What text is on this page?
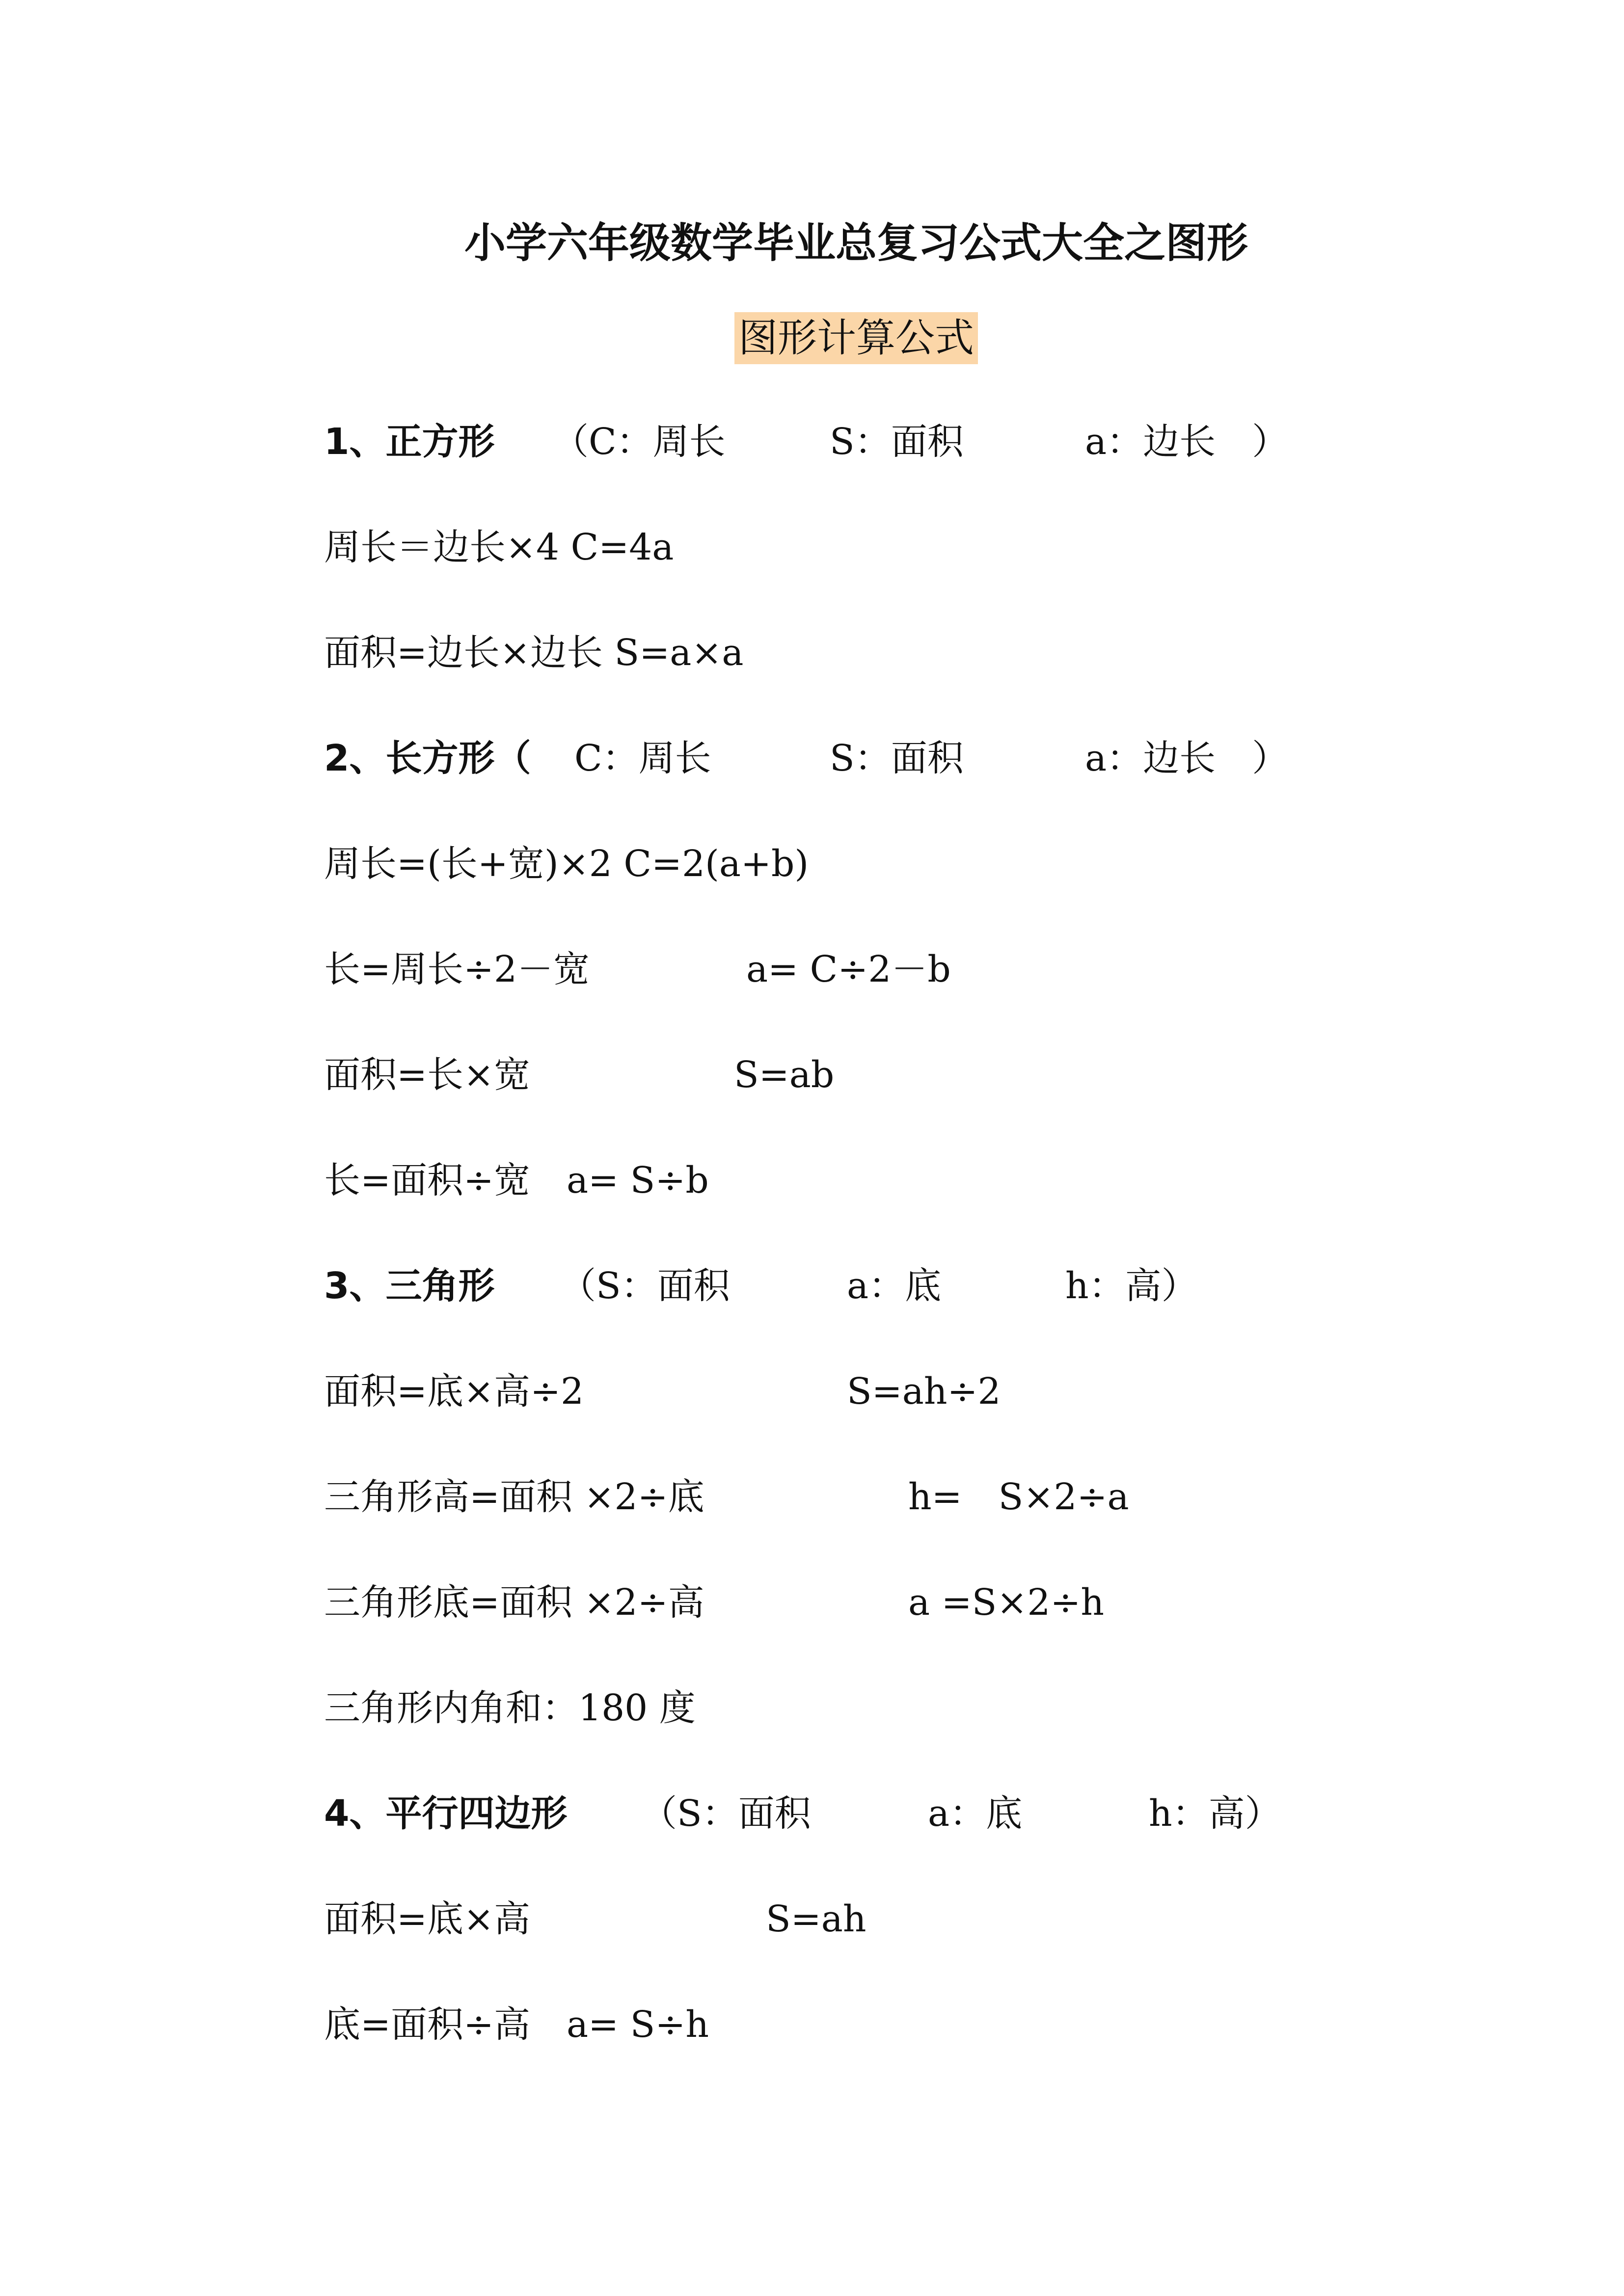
小学六年级数学毕业总复习公式大全之图形
图形计算公式
1、正方形 （C：周长	S：面积	a：边长　）
周长＝边长×4 C=4a
面积=边长×边长 S=a×a
2、长方形（ C：周长	S：面积	a：边长　）
周长=(长+宽)×2 C=2(a+b)
长=周长÷2－宽	a= C÷2－b
面积=长×宽	S=ab
长=面积÷宽　a= S÷b
3、三角形 （S：面积	a：底	h：高）
面积=底×高÷2	S=ah÷2
三角形高=面积 ×2÷底	h=　S×2÷a
三角形底=面积 ×2÷高	a =S×2÷h
三角形内角和：180 度
4、平行四边形 （S：面积	a：底	h：高）
面积=底×高	S=ah
底=面积÷高　a= S÷h
